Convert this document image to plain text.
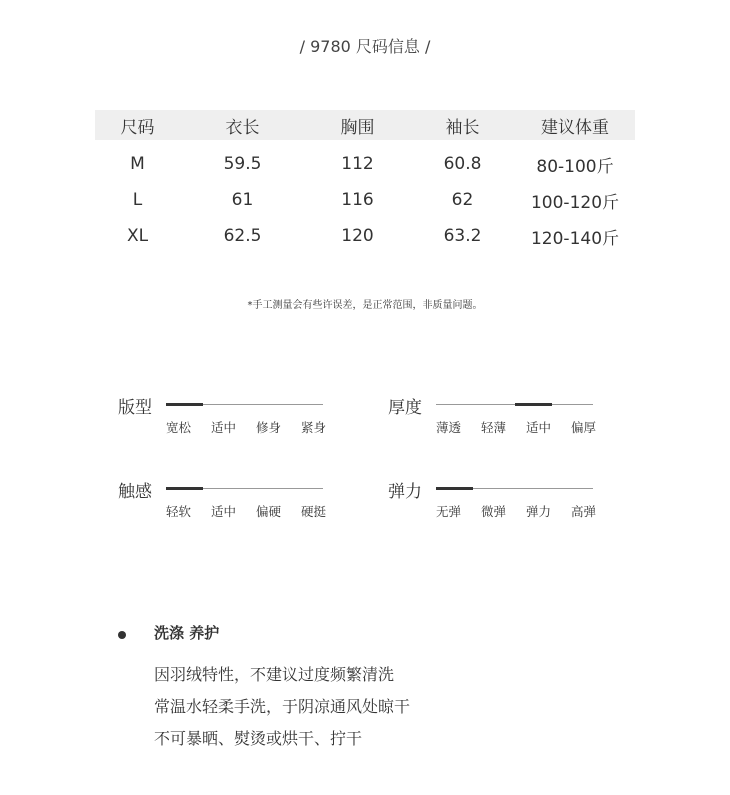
/ 9780 尺码信息 /
尺码	衣长	胸围	袖长	建议体重
M	59.5	112	60.8	80-100斤
L	61	116	62	100-120斤
XL	62.5	120	63.2	120-140斤
*手工测量会有些许误差，是正常范围，非质量问题。
版型
宽松	适中	修身	紧身
厚度
薄透	轻薄	适中	偏厚
触感
轻软	适中	偏硬	硬挺
弹力
无弹	微弹	弹力	高弹
洗涤 养护
因羽绒特性，不建议过度频繁清洗
常温水轻柔手洗，于阴凉通风处晾干
不可暴晒、熨烫或烘干、拧干
